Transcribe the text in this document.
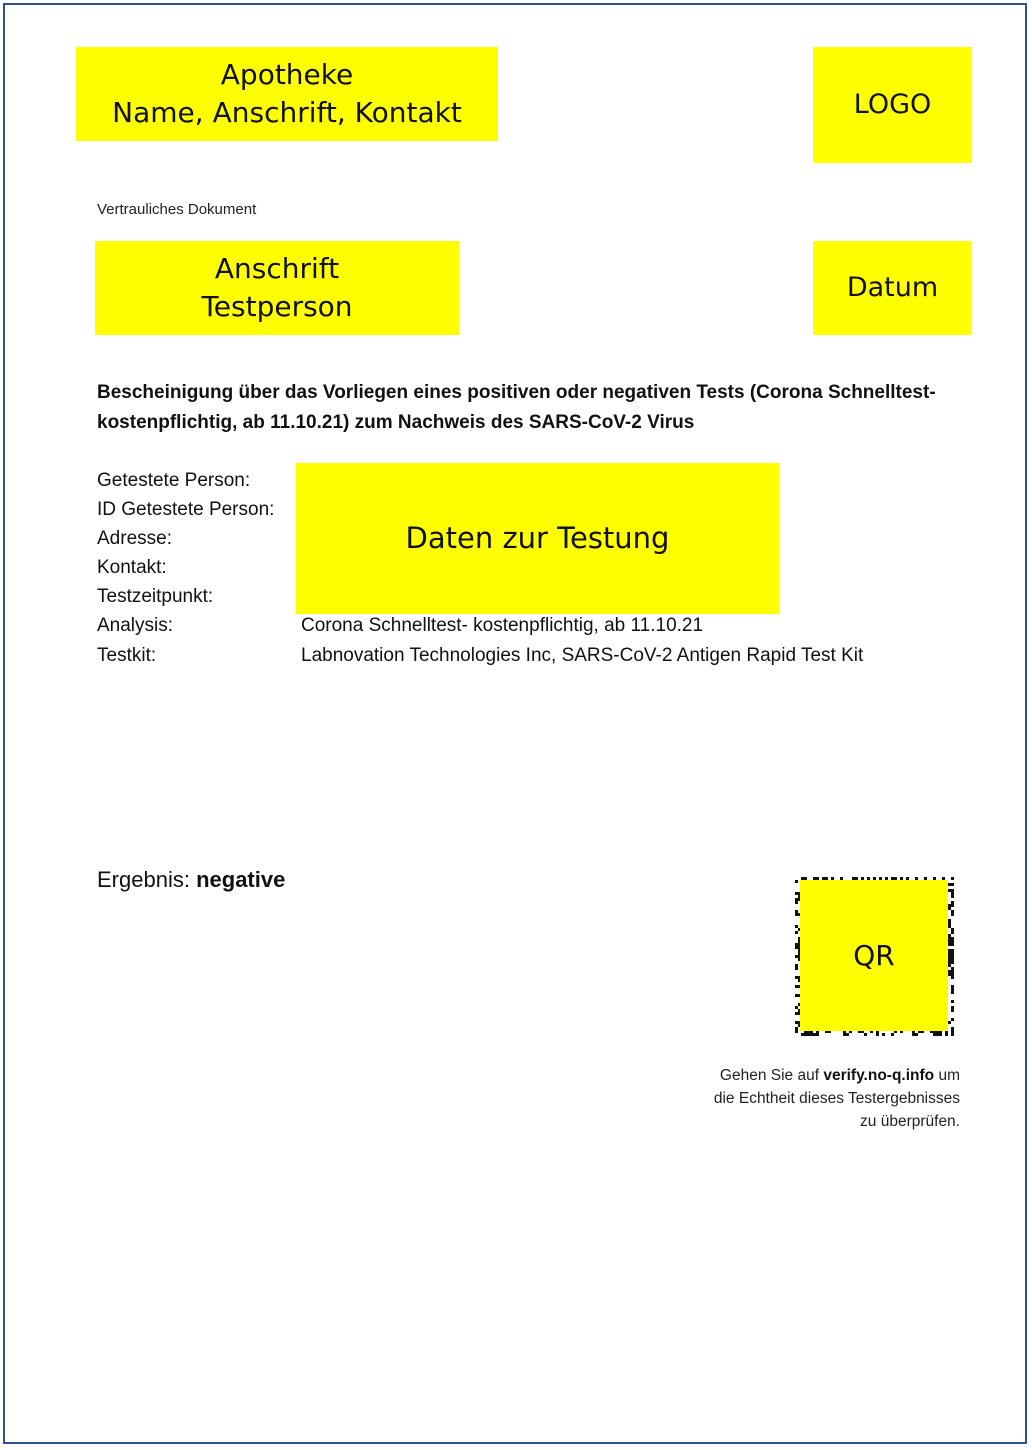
Apotheke
Name, Anschrift, Kontakt	LOGO
Vertrauliches Dokument
Anschrift
Testperson
Datum
Bescheinigung über das Vorliegen eines positiven oder negativen Tests (Corona Schnelltest- kostenpflichtig, ab 11.10.21) zum Nachweis des SARS-CoV-2 Virus
Getestete Person:
ID Getestete Person:
Adresse:
Kontakt:
Testzeitpunkt:
Analysis:	Corona Schnelltest- kostenpflichtig, ab 11.10.21
Testkit:	Labnovation Technologies Inc, SARS-CoV-2 Antigen Rapid Test Kit
Daten zur Testung
Ergebnis: negative
QR
Gehen Sie auf verify.no-q.info um
die Echtheit dieses Testergebnisses
zu überprüfen.
